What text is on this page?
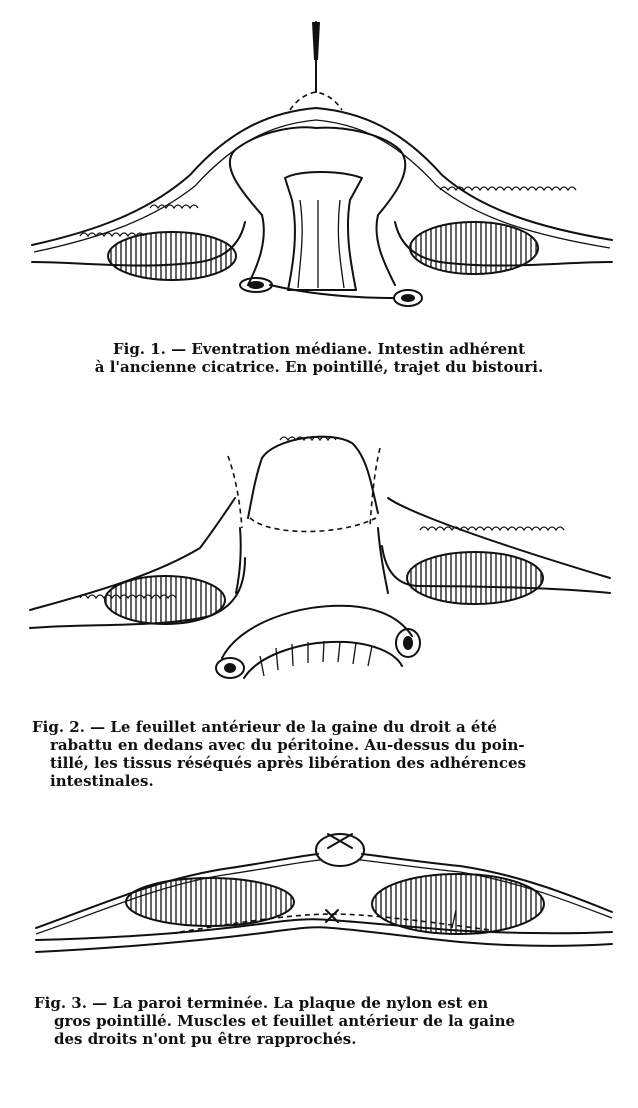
Fig. 1. — Eventration médiane. Intestin adhérent
à l'ancienne cicatrice. En pointillé, trajet du bistouri.
Fig. 2. — Le feuillet antérieur de la gaine du droit a été
rabattu en dedans avec du péritoine. Au-dessus du poin-
tillé, les tissus réséqués après libération des adhérences
intestinales.
Fig. 3. — La paroi terminée. La plaque de nylon est en
gros pointillé. Muscles et feuillet antérieur de la gaine
des droits n'ont pu être rapprochés.
